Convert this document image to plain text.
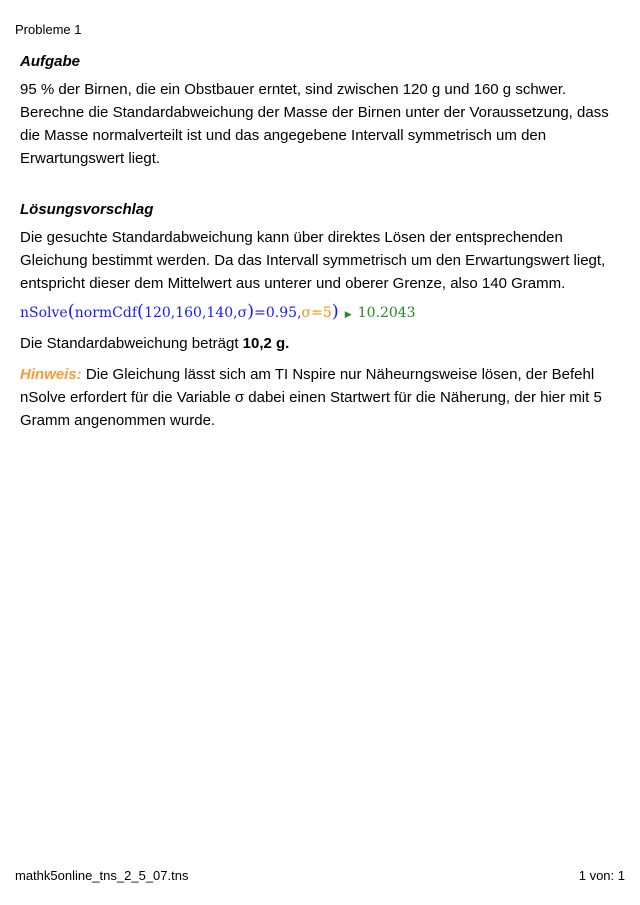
Probleme 1
Aufgabe

95 % der Birnen, die ein Obstbauer erntet, sind zwischen 120 g und 160 g schwer. Berechne die Standardabweichung der Masse der Birnen unter der Voraussetzung, dass die Masse normalverteilt ist und das angegebene Intervall symmetrisch um den Erwartungswert liegt.

Lösungsvorschlag

Die gesuchte Standardabweichung kann über direktes Lösen der entsprechenden Gleichung bestimmt werden. Da das Intervall symmetrisch um den Erwartungswert liegt, entspricht dieser dem Mittelwert aus unterer und oberer Grenze, also 140 Gramm.

nSolve(normCdf(120,160,140,σ)=0.95,σ=5) ▶ 10.2043

Die Standardabweichung beträgt 10,2 g.

Hinweis: Die Gleichung lässt sich am TI Nspire nur Näheurngsweise lösen, der Befehl nSolve erfordert für die Variable σ dabei einen Startwert für die Näherung, der hier mit 5 Gramm angenommen wurde.

mathk5online_tns_2_5_07.tns	1 von: 1
